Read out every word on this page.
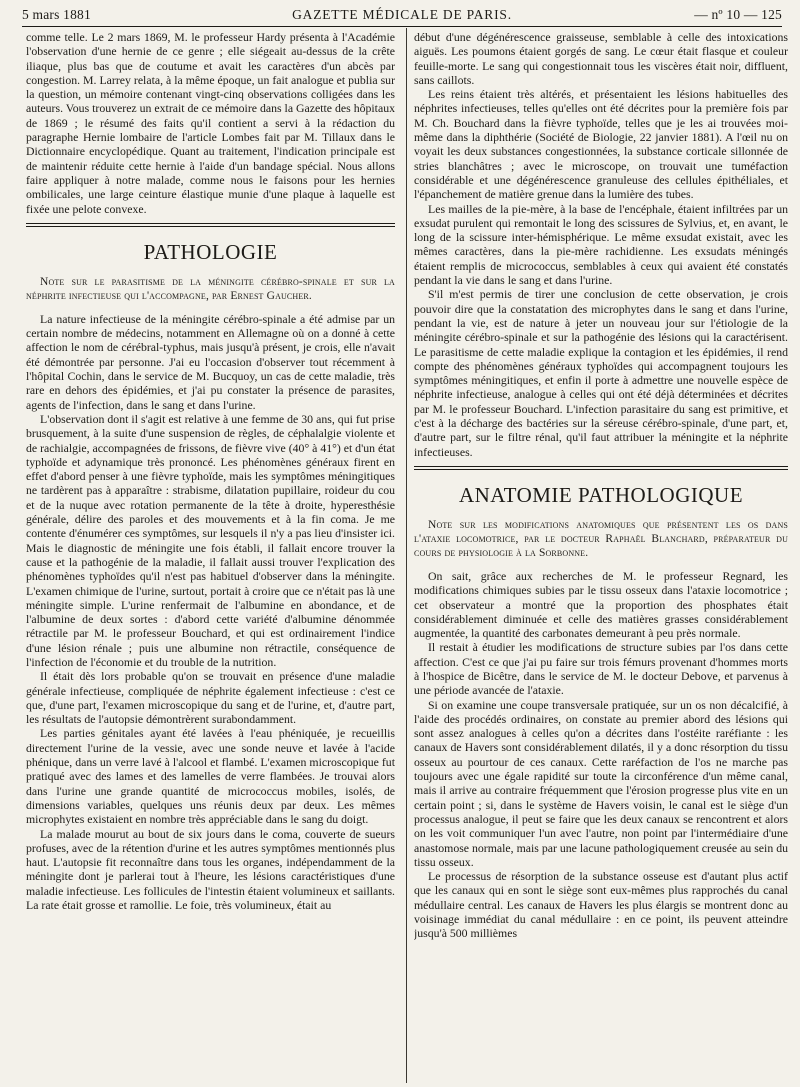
5 mars 1881	GAZETTE MÉDICALE DE PARIS.	— nº 10 — 125

comme telle. Le 2 mars 1869, M. le professeur Hardy présenta à l'Académie l'observation d'une hernie de ce genre ; elle siégeait au-dessus de la crête iliaque, plus bas que de coutume et avait les caractères d'un abcès par congestion. M. Larrey relata, à la même époque, un fait analogue et publia sur la question, un mémoire contenant vingt-cinq observations colligées dans les auteurs. Vous trouverez un extrait de ce mémoire dans la Gazette des hôpitaux de 1869 ; le résumé des faits qu'il contient a servi à la rédaction du paragraphe Hernie lombaire de l'article Lombes fait par M. Tillaux dans le Dictionnaire encyclopédique. Quant au traitement, l'indication principale est de maintenir réduite cette hernie à l'aide d'un bandage spécial. Nous allons faire appliquer à notre malade, comme nous le faisons pour les hernies ombilicales, une large ceinture élastique munie d'une plaque à laquelle est fixée une pelote convexe.

PATHOLOGIE
Note sur le parasitisme de la méningite cérébro-spinale et sur la néphrite infectieuse qui l'accompagne, par Ernest Gaucher.

La nature infectieuse de la méningite cérébro-spinale a été admise par un certain nombre de médecins, notamment en Allemagne où on a donné à cette affection le nom de cérébral-typhus, mais jusqu'à présent, je crois, elle n'avait été démontrée par personne. J'ai eu l'occasion d'observer tout récemment à l'hôpital Cochin, dans le service de M. Bucquoy, un cas de cette maladie, très rare en dehors des épidémies, et j'ai pu constater la présence de parasites, agents de l'infection, dans le sang et dans l'urine.

L'observation dont il s'agit est relative à une femme de 30 ans, qui fut prise brusquement, à la suite d'une suspension de règles, de céphalalgie violente et de rachialgie, accompagnées de frissons, de fièvre vive (40° à 41°) et d'un état typhoïde et adynamique très prononcé. Les phénomènes généraux firent en effet d'abord penser à une fièvre typhoïde, mais les symptômes méningitiques ne tardèrent pas à apparaître : strabisme, dilatation pupillaire, roideur du cou et de la nuque avec rotation permanente de la tête à droite, hyperesthésie générale, délire des paroles et des mouvements et à la fin coma. Je me contente d'énumérer ces symptômes, sur lesquels il n'y a pas lieu d'insister ici. Mais le diagnostic de méningite une fois établi, il fallait encore trouver la cause et la pathogénie de la maladie, il fallait aussi trouver l'explication des phénomènes typhoïdes qu'il n'est pas habituel d'observer dans la méningite. L'examen chimique de l'urine, surtout, portait à croire que ce n'était pas là une méningite simple. L'urine renfermait de l'albumine en abondance, et de l'albumine de deux sortes : d'abord cette variété d'albumine dénommée rétractile par M. le professeur Bouchard, et qui est ordinairement l'indice d'une lésion rénale ; puis une albumine non rétractile, conséquence de l'infection de l'économie et du trouble de la nutrition.

Il était dès lors probable qu'on se trouvait en présence d'une maladie générale infectieuse, compliquée de néphrite également infectieuse : c'est ce que, d'une part, l'examen microscopique du sang et de l'urine, et, d'autre part, les résultats de l'autopsie démontrèrent surabondamment.

Les parties génitales ayant été lavées à l'eau phéniquée, je recueillis directement l'urine de la vessie, avec une sonde neuve et lavée à l'acide phénique, dans un verre lavé à l'alcool et flambé. L'examen microscopique fut pratiqué avec des lames et des lamelles de verre flambées. Je trouvai alors dans l'urine une grande quantité de micrococcus mobiles, isolés, de dimensions variables, quelques uns réunis deux par deux. Les mêmes microphytes existaient en nombre très appréciable dans le sang du doigt.

La malade mourut au bout de six jours dans le coma, couverte de sueurs profuses, avec de la rétention d'urine et les autres symptômes mentionnés plus haut. L'autopsie fit reconnaître dans tous les organes, indépendamment de la méningite dont je parlerai tout à l'heure, les lésions caractéristiques d'une maladie infectieuse. Les follicules de l'intestin étaient volumineux et saillants. La rate était grosse et ramollie. Le foie, très volumineux, était au

début d'une dégénérescence graisseuse, semblable à celle des intoxications aiguës. Les poumons étaient gorgés de sang. Le cœur était flasque et couleur feuille-morte. Le sang qui congestionnait tous les viscères était noir, diffluent, sans caillots.

Les reins étaient très altérés, et présentaient les lésions habituelles des néphrites infectieuses, telles qu'elles ont été décrites pour la première fois par M. Ch. Bouchard dans la fièvre typhoïde, telles que je les ai trouvées moi-même dans la diphthérie (Société de Biologie, 22 janvier 1881). A l'œil nu on voyait les deux substances congestionnées, la substance corticale sillonnée de stries blanchâtres ; avec le microscope, on trouvait une tuméfaction considérable et une dégénérescence granuleuse des cellules épithéliales, et l'épanchement de matière grenue dans la lumière des tubes.

Les mailles de la pie-mère, à la base de l'encéphale, étaient infiltrées par un exsudat purulent qui remontait le long des scissures de Sylvius, et, en avant, le long de la scissure inter-hémisphérique. Le même exsudat existait, avec les mêmes caractères, dans la pie-mère rachidienne. Les exsudats méningés étaient remplis de micrococcus, semblables à ceux qui avaient été constatés pendant la vie dans le sang et dans l'urine.

S'il m'est permis de tirer une conclusion de cette observation, je crois pouvoir dire que la constatation des microphytes dans le sang et dans l'urine, pendant la vie, est de nature à jeter un nouveau jour sur l'étiologie de la méningite cérébro-spinale et sur la pathogénie des lésions qui la caractérisent. Le parasitisme de cette maladie explique la contagion et les épidémies, il rend compte des phénomènes généraux typhoïdes qui accompagnent toujours les symptômes méningitiques, et enfin il porte à admettre une nouvelle espèce de néphrite infectieuse, analogue à celles qui ont été déjà déterminées et décrites par M. le professeur Bouchard. L'infection parasitaire du sang est primitive, et c'est à la décharge des bactéries sur la séreuse cérébro-spinale, d'une part, et, d'autre part, sur le filtre rénal, qu'il faut attribuer la méningite et la néphrite infectieuses.

ANATOMIE PATHOLOGIQUE
Note sur les modifications anatomiques que présentent les os dans l'ataxie locomotrice, par le docteur Raphaël Blanchard, préparateur du cours de physiologie à la Sorbonne.

On sait, grâce aux recherches de M. le professeur Regnard, les modifications chimiques subies par le tissu osseux dans l'ataxie locomotrice ; cet observateur a montré que la proportion des phosphates était considérablement diminuée et celle des matières grasses considérablement augmentée, la quantité des carbonates demeurant à peu près normale.

Il restait à étudier les modifications de structure subies par l'os dans cette affection. C'est ce que j'ai pu faire sur trois fémurs provenant d'hommes morts à l'hospice de Bicêtre, dans le service de M. le docteur Debove, et parvenus à une période avancée de l'ataxie.

Si on examine une coupe transversale pratiquée, sur un os non décalcifié, à l'aide des procédés ordinaires, on constate au premier abord des lésions qui sont assez analogues à celles qu'on a décrites dans l'ostéite raréfiante : les canaux de Havers sont considérablement dilatés, il y a donc résorption du tissu osseux au pourtour de ces canaux. Cette raréfaction de l'os ne marche pas toujours avec une égale rapidité sur toute la circonférence d'un même canal, mais il arrive au contraire fréquemment que l'érosion progresse plus vite en un certain point ; si, dans le système de Havers voisin, le canal est le siège d'un processus analogue, il peut se faire que les deux canaux se rencontrent et alors on les voit communiquer l'un avec l'autre, non point par l'intermédiaire d'une anastomose normale, mais par une lacune pathologiquement creusée au sein du tissu osseux.

Le processus de résorption de la substance osseuse est d'autant plus actif que les canaux qui en sont le siège sont eux-mêmes plus rapprochés du canal médullaire central. Les canaux de Havers les plus élargis se montrent donc au voisinage immédiat du canal médullaire : en ce point, ils peuvent atteindre jusqu'à 500 millièmes
